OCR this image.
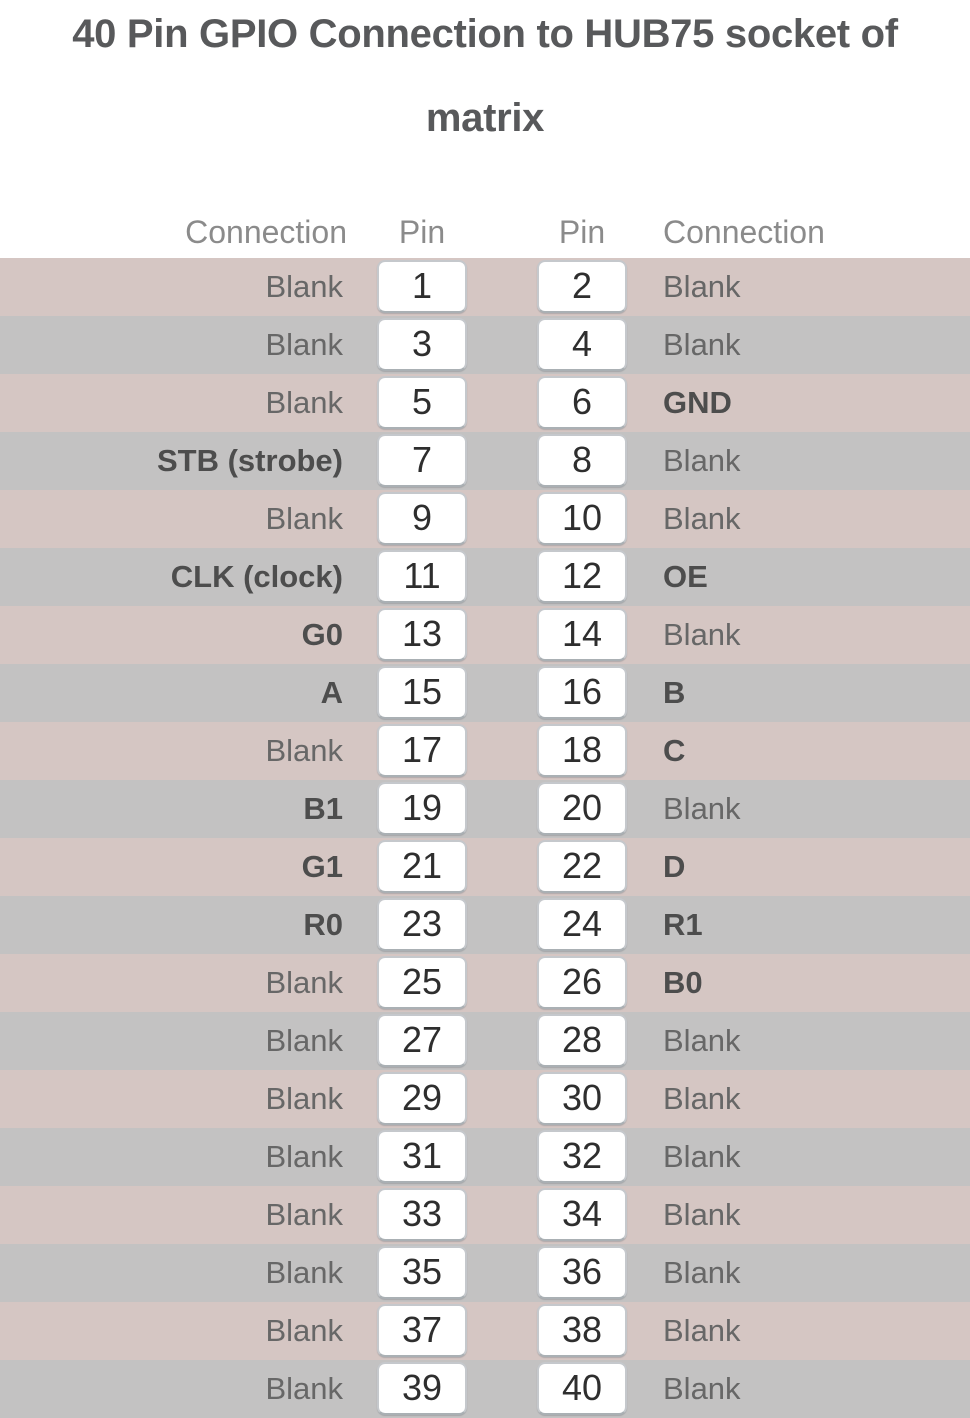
40 Pin GPIO Connection to HUB75 socket of
matrix
Connection	Pin	Pin	Connection
Blank	1	2	Blank
Blank	3	4	Blank
Blank	5	6	GND
STB (strobe)	7	8	Blank
Blank	9	10	Blank
CLK (clock)	11	12	OE
G0	13	14	Blank
A	15	16	B
Blank	17	18	C
B1	19	20	Blank
G1	21	22	D
R0	23	24	R1
Blank	25	26	B0
Blank	27	28	Blank
Blank	29	30	Blank
Blank	31	32	Blank
Blank	33	34	Blank
Blank	35	36	Blank
Blank	37	38	Blank
Blank	39	40	Blank
